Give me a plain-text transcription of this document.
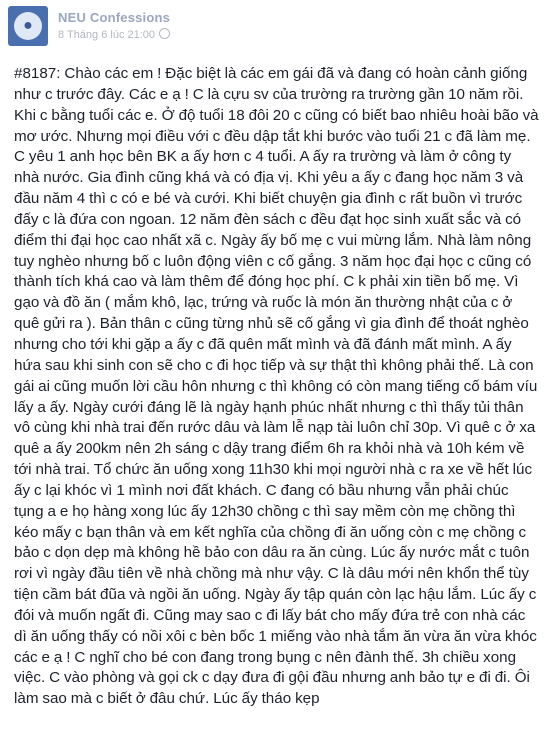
●	NEU Confessions
8 Tháng 6 lúc 21:00
#8187: Chào các em ! Đặc biệt là các em gái đã và đang có hoàn cảnh giống như c trước đây. Các e ạ ! C là cựu sv của trường ra trường gần 10 năm rồi. Khi c bằng tuổi các e. Ở độ tuổi 18 đôi 20 c cũng có biết bao nhiêu hoài bão và mơ ước. Nhưng mọi điều với c đều dập tắt khi bước vào tuổi 21 c đã làm mẹ. C yêu 1 anh học bên BK a ấy hơn c 4 tuổi. A ấy ra trường và làm ở công ty nhà nước. Gia đình cũng khá và có địa vị. Khi yêu a ấy c đang học năm 3 và đầu năm 4 thì c có e bé và cưới. Khi biết chuyện gia đình c rất buồn vì trước đấy c là đứa con ngoan. 12 năm đèn sách c đều đạt học sinh xuất sắc và có điểm thi đại học cao nhất xã c. Ngày ấy bố mẹ c vui mừng lắm. Nhà làm nông tuy nghèo nhưng bố c luôn động viên c cố gắng. 3 năm học đại học c cũng có thành tích khá cao và làm thêm để đóng học phí. C k phải xin tiền bố mẹ. Vì gạo và đồ ăn ( mắm khô, lạc, trứng và ruốc là món ăn thường nhật của c ở quê gửi ra ). Bản thân c cũng từng nhủ sẽ cố gắng vì gia đình để thoát nghèo nhưng cho tới khi gặp a ấy c đã quên mất mình và đã đánh mất mình. A ấy hứa sau khi sinh con sẽ cho c đi học tiếp và sự thật thì không phải thế. Là con gái ai cũng muốn lời cầu hôn nhưng c thì không có còn mang tiếng cố bám víu lấy a ấy. Ngày cưới đáng lẽ là ngày hạnh phúc nhất nhưng c thì thấy tủi thân vô cùng khi nhà trai đến rước dâu và làm lễ nạp tài luôn chỉ 30p. Vì quê c ở xa quê a ấy 200km nên 2h sáng c dậy trang điểm 6h ra khỏi nhà và 10h kém về tới nhà trai. Tổ chức ăn uống xong 11h30 khi mọi người nhà c ra xe về hết lúc ấy c lại khóc vì 1 mình nơi đất khách. C đang có bầu nhưng vẫn phải chúc tụng a e họ hàng xong lúc ấy 12h30 chồng c thì say mềm còn mẹ chồng thì kéo mấy c bạn thân và em kết nghĩa của chồng đi ăn uống còn c mẹ chồng c bảo c dọn dẹp mà không hề bảo con dâu ra ăn cùng. Lúc ấy nước mắt c tuôn rơi vì ngày đầu tiên về nhà chồng mà như vậy. C là dâu mới nên khổn thể tùy tiện cầm bát đũa và ngồi ăn uống. Ngày ấy tập quán còn lạc hậu lắm. Lúc ấy c đói và muốn ngất đi. Cũng may sao c đi lấy bát cho mấy đứa trẻ con nhà các dì ăn uống thấy có nồi xôi c bèn bốc 1 miếng vào nhà tắm ăn vừa ăn vừa khóc các e ạ ! C nghĩ cho bé con đang trong bụng c nên đành thế. 3h chiều xong việc. C vào phòng và gọi ck c dạy đưa đi gội đầu nhưng anh bảo tự e đi đi. Ôi làm sao mà c biết ở đâu chứ. Lúc ấy tháo kẹp
